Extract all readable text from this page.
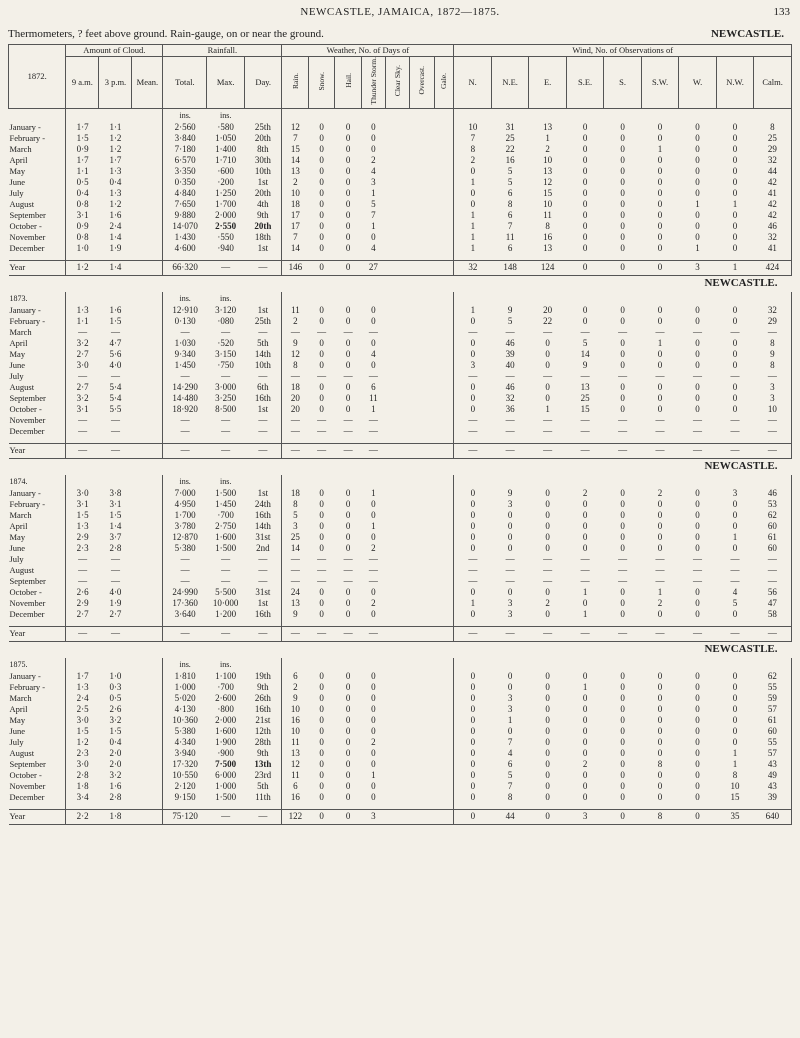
NEWCASTLE, JAMAICA, 1872—1875.	133
Thermometers, ? feet above ground. Rain-gauge, on or near the ground.	NEWCASTLE.
1872.	Amount of Cloud.			Rainfall.			Weather, No. of Days of							Wind, No. of Observations of								
	9 a.m.	3 p.m.	Mean.	Total.	Max.	Day.	Rain.	Snow.	Hail.	Thunder Storm.	Clear Sky.	Overcast.	Gale.	N.	N.E.	E.	S.E.	S.	S.W.	W.	N.W.	Calm.
				ins.	ins.																	
January -	1·7	1·1		2·560	·580	25th	12	0	0	0				10	31	13	0	0	0	0	0	8
February -	1·5	1·2		3·840	1·050	20th	7	0	0	0				7	25	1	0	0	0	0	0	25
March	0·9	1·2		7·180	1·400	8th	15	0	0	0				8	22	2	0	0	1	0	0	29
April	1·7	1·7		6·570	1·710	30th	14	0	0	2				2	16	10	0	0	0	0	0	32
May	1·1	1·3		3·350	·600	10th	13	0	0	4				0	5	13	0	0	0	0	0	44
June	0·5	0·4		0·350	·200	1st	2	0	0	3				1	5	12	0	0	0	0	0	42
July	0·4	1·3		4·840	1·250	20th	10	0	0	1				0	6	15	0	0	0	0	0	41
August	0·8	1·2		7·650	1·700	4th	18	0	0	5				0	8	10	0	0	0	1	1	42
September	3·1	1·6		9·880	2·000	9th	17	0	0	7				1	6	11	0	0	0	0	0	42
October -	0·9	2·4		14·070	2·550	20th	17	0	0	1				1	7	8	0	0	0	0	0	46
November	0·8	1·4		1·430	·550	18th	7	0	0	0				1	11	16	0	0	0	0	0	32
December	1·0	1·9		4·600	·940	1st	14	0	0	4				1	6	13	0	0	0	1	0	41

Year	1·2	1·4		66·320	—	—	146	0	0	27				32	148	124	0	0	0	3	1	424
NEWCASTLE.																						
1873.				ins.	ins.																	
January -	1·3	1·6		12·910	3·120	1st	11	0	0	0				1	9	20	0	0	0	0	0	32
February -	1·1	1·5		0·130	·080	25th	2	0	0	0				0	5	22	0	0	0	0	0	29
March	—	—		—	—	—	—	—	—	—				—	—	—	—	—	—	—	—	—
April	3·2	4·7		1·030	·520	5th	9	0	0	0				0	46	0	5	0	1	0	0	8
May	2·7	5·6		9·340	3·150	14th	12	0	0	4				0	39	0	14	0	0	0	0	9
June	3·0	4·0		1·450	·750	10th	8	0	0	0				3	40	0	9	0	0	0	0	8
July	—	—		—	—	—	—	—	—	—				—	—	—	—	—	—	—	—	—
August	2·7	5·4		14·290	3·000	6th	18	0	0	6				0	46	0	13	0	0	0	0	3
September	3·2	5·4		14·480	3·250	16th	20	0	0	11				0	32	0	25	0	0	0	0	3
October -	3·1	5·5		18·920	8·500	1st	20	0	0	1				0	36	1	15	0	0	0	0	10
November	—	—		—	—	—	—	—	—	—				—	—	—	—	—	—	—	—	—
December	—	—		—	—	—	—	—	—	—				—	—	—	—	—	—	—	—	—

Year	—	—		—	—	—	—	—	—	—				—	—	—	—	—	—	—	—	—
NEWCASTLE.																						
1874.				ins.	ins.																	
January -	3·0	3·8		7·000	1·500	1st	18	0	0	1				0	9	0	2	0	2	0	3	46
February -	3·1	3·1		4·950	1·450	24th	8	0	0	0				0	3	0	0	0	0	0	0	53
March	1·5	1·5		1·700	·700	16th	5	0	0	0				0	0	0	0	0	0	0	0	62
April	1·3	1·4		3·780	2·750	14th	3	0	0	1				0	0	0	0	0	0	0	0	60
May	2·9	3·7		12·870	1·600	31st	25	0	0	0				0	0	0	0	0	0	0	1	61
June	2·3	2·8		5·380	1·500	2nd	14	0	0	2				0	0	0	0	0	0	0	0	60
July	—	—		—	—	—	—	—	—	—				—	—	—	—	—	—	—	—	—
August	—	—		—	—	—	—	—	—	—				—	—	—	—	—	—	—	—	—
September	—	—		—	—	—	—	—	—	—				—	—	—	—	—	—	—	—	—
October -	2·6	4·0		24·990	5·500	31st	24	0	0	0				0	0	0	1	0	1	0	4	56
November	2·9	1·9		17·360	10·000	1st	13	0	0	2				1	3	2	0	0	2	0	5	47
December	2·7	2·7		3·640	1·200	16th	9	0	0	0				0	3	0	1	0	0	0	0	58

Year	—	—		—	—	—	—	—	—	—				—	—	—	—	—	—	—	—	—
NEWCASTLE.																						
1875.				ins.	ins.																	
January -	1·7	1·0		1·810	1·100	19th	6	0	0	0				0	0	0	0	0	0	0	0	62
February -	1·3	0·3		1·000	·700	9th	2	0	0	0				0	0	0	1	0	0	0	0	55
March	2·4	0·5		5·020	2·600	26th	9	0	0	0				0	3	0	0	0	0	0	0	59
April	2·5	2·6		4·130	·800	16th	10	0	0	0				0	3	0	0	0	0	0	0	57
May	3·0	3·2		10·360	2·000	21st	16	0	0	0				0	1	0	0	0	0	0	0	61
June	1·5	1·5		5·380	1·600	12th	10	0	0	0				0	0	0	0	0	0	0	0	60
July	1·2	0·4		4·340	1·900	28th	11	0	0	2				0	7	0	0	0	0	0	0	55
August	2·3	2·0		3·940	·900	9th	13	0	0	0				0	4	0	0	0	0	0	1	57
September	3·0	2·0		17·320	7·500	13th	12	0	0	0				0	6	0	2	0	8	0	1	43
October -	2·8	3·2		10·550	6·000	23rd	11	0	0	1				0	5	0	0	0	0	0	8	49
November	1·8	1·6		2·120	1·000	5th	6	0	0	0				0	7	0	0	0	0	0	10	43
December	3·4	2·8		9·150	1·500	11th	16	0	0	0				0	8	0	0	0	0	0	15	39

Year	2·2	1·8		75·120	—	—	122	0	0	3				0	44	0	3	0	8	0	35	640
